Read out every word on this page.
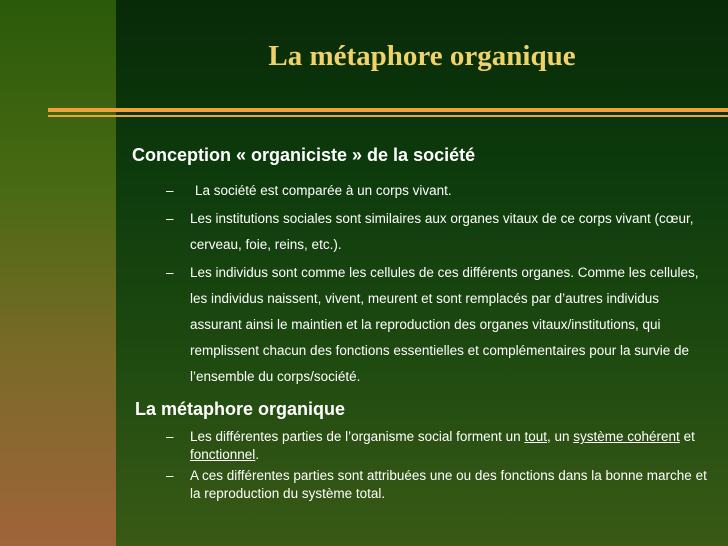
La métaphore organique
Conception « organiciste » de la société
– La société est comparée à un corps vivant.
– Les institutions sociales sont similaires aux organes vitaux de ce corps vivant (cœur, cerveau, foie, reins, etc.).
– Les individus sont comme les cellules de ces différents organes. Comme les cellules, les individus naissent, vivent, meurent et sont remplacés par d’autres individus assurant ainsi le maintien et la reproduction des organes vitaux/institutions, qui remplissent chacun des fonctions essentielles et complémentaires pour la survie de l’ensemble du corps/société.
La métaphore organique
– Les différentes parties de l’organisme social forment un tout, un système cohérent et fonctionnel.
– A ces différentes parties sont attribuées une ou des fonctions dans la bonne marche et la reproduction du système total.
